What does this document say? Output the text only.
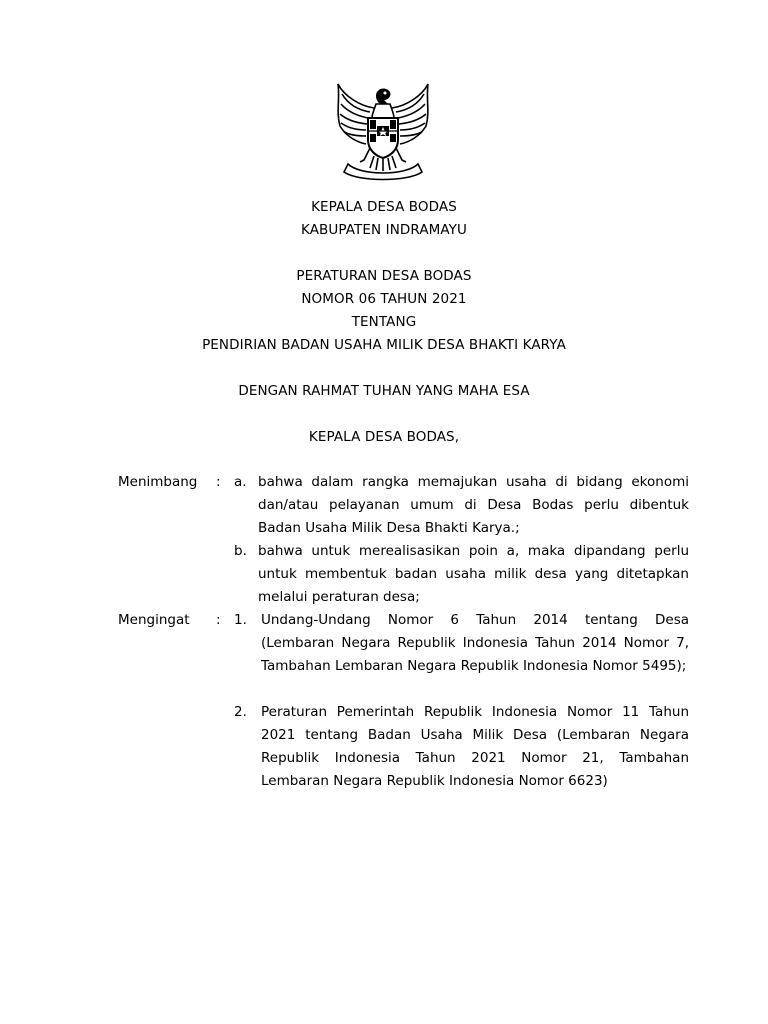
KEPALA DESA BODAS
KABUPATEN INDRAMAYU
PERATURAN DESA BODAS
NOMOR 06 TAHUN 2021
TENTANG
PENDIRIAN BADAN USAHA MILIK DESA BHAKTI KARYA
DENGAN RAHMAT TUHAN YANG MAHA ESA
KEPALA DESA BODAS,
Menimbang	: a. bahwa dalam rangka memajukan usaha di bidang ekonomi dan/atau pelayanan umum di Desa Bodas perlu dibentuk Badan Usaha Milik Desa Bhakti Karya.;
b. bahwa untuk merealisasikan poin a, maka dipandang perlu untuk membentuk badan usaha milik desa yang ditetapkan melalui peraturan desa;
Mengingat	: 1.	Undang-Undang Nomor 6 Tahun 2014 tentang Desa (Lembaran Negara Republik Indonesia Tahun 2014 Nomor 7, Tambahan Lembaran Negara Republik Indonesia Nomor 5495);
2.	Peraturan Pemerintah Republik Indonesia Nomor 11 Tahun 2021 tentang Badan Usaha Milik Desa (Lembaran Negara Republik Indonesia Tahun 2021 Nomor 21, Tambahan Lembaran Negara Republik Indonesia Nomor 6623)
